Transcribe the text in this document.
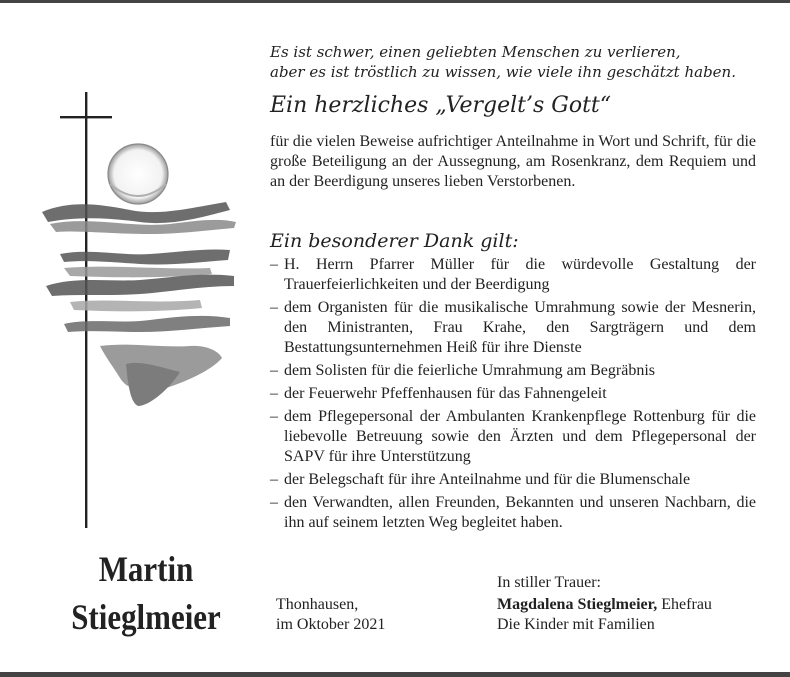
Es ist schwer, einen geliebten Menschen zu verlieren,
aber es ist tröstlich zu wissen, wie viele ihn geschätzt haben.
Ein herzliches „Vergelt’s Gott“
für die vielen Beweise aufrichtiger Anteilnahme in Wort und Schrift, für die große Beteiligung an der Aussegnung, am Rosenkranz, dem Requiem und an der Beerdigung unseres lieben Verstorbenen.
Ein besonderer Dank gilt:
– H. Herrn Pfarrer Müller für die würdevolle Gestaltung der Trauerfeierlichkeiten und der Beerdigung
– dem Organisten für die musikalische Umrahmung sowie der Mesnerin, den Ministranten, Frau Krahe, den Sargträgern und dem Bestattungsunternehmen Heiß für ihre Dienste
– dem Solisten für die feierliche Umrahmung am Begräbnis
– der Feuerwehr Pfeffenhausen für das Fahnengeleit
– dem Pflegepersonal der Ambulanten Krankenpflege Rottenburg für die liebevolle Betreuung sowie den Ärzten und dem Pflegepersonal der SAPV für ihre Unterstützung
– der Belegschaft für ihre Anteilnahme und für die Blumenschale
– den Verwandten, allen Freunden, Bekannten und unseren Nachbarn, die ihn auf seinem letzten Weg begleitet haben.
Martin
Stieglmeier	Thonhausen,
im Oktober 2021
In stiller Trauer:
Magdalena Stieglmeier, Ehefrau
Die Kinder mit Familien
